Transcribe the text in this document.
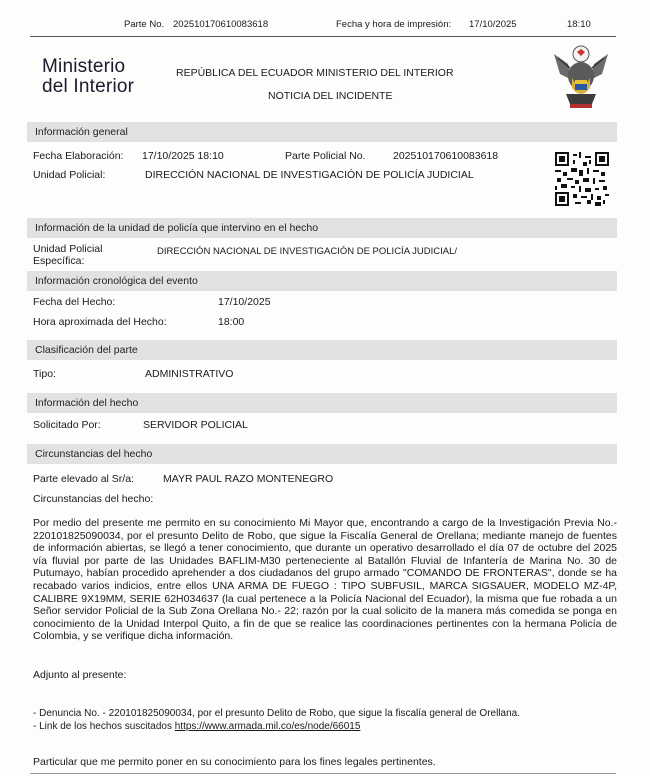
Parte No. 202510170610083618	Fecha y hora de impresión: 17/10/2025	18:10
Ministerio
del Interior
REPÚBLICA DEL ECUADOR MINISTERIO DEL INTERIOR
NOTICIA DEL INCIDENTE
Información general
Fecha Elaboración: 17/10/2025 18:10	Parte Policial No.	202510170610083618
Unidad Policial:	DIRECCIÓN NACIONAL DE INVESTIGACIÓN DE POLICÍA JUDICIAL
Información de la unidad de policía que intervino en el hecho
Unidad Policial
Específica:
DIRECCIÓN NACIONAL DE INVESTIGACIÓN DE POLICÍA JUDICIAL/
Información cronológica del evento
Fecha del Hecho:	17/10/2025
Hora aproximada del Hecho:	18:00
Clasificación del parte
Tipo:	ADMINISTRATIVO
Información del hecho
Solicitado Por:	SERVIDOR POLICIAL
Circunstancias del hecho
Parte elevado al Sr/a:	MAYR PAUL RAZO MONTENEGRO
Circunstancias del hecho:
Por medio del presente me permito en su conocimiento Mi Mayor que, encontrando a cargo de la Investigación Previa No.- 220101825090034, por el presunto Delito de Robo, que sigue la Fiscalía General de Orellana; mediante manejo de fuentes de información abiertas, se llegó a tener conocimiento, que durante un operativo desarrollado el día 07 de octubre del 2025 vía fluvial por parte de las Unidades BAFLIM-M30 perteneciente al Batallón Fluvial de Infantería de Marina No. 30 de Putumayo, habían procedido aprehender a dos ciudadanos del grupo armado "COMANDO DE FRONTERAS", donde se ha recabado varios indicios, entre ellos UNA ARMA DE FUEGO : TIPO SUBFUSIL, MARCA SIGSAUER, MODELO MZ-4P, CALIBRE 9X19MM, SERIE 62H034637 (la cual pertenece a la Policía Nacional del Ecuador), la misma que fue robada a un Señor servidor Policial de la Sub Zona Orellana No.- 22; razón por la cual solicito de la manera más comedida se ponga en conocimiento de la Unidad Interpol Quito, a fin de que se realice las coordinaciones pertinentes con la hermana Policía de Colombia, y se verifique dicha información.
Adjunto al presente:
- Denuncia No. - 220101825090034, por el presunto Delito de Robo, que sigue la fiscalía general de Orellana.
- Link de los hechos suscitados https://www.armada.mil.co/es/node/66015
Particular que me permito poner en su conocimiento para los fines legales pertinentes.
